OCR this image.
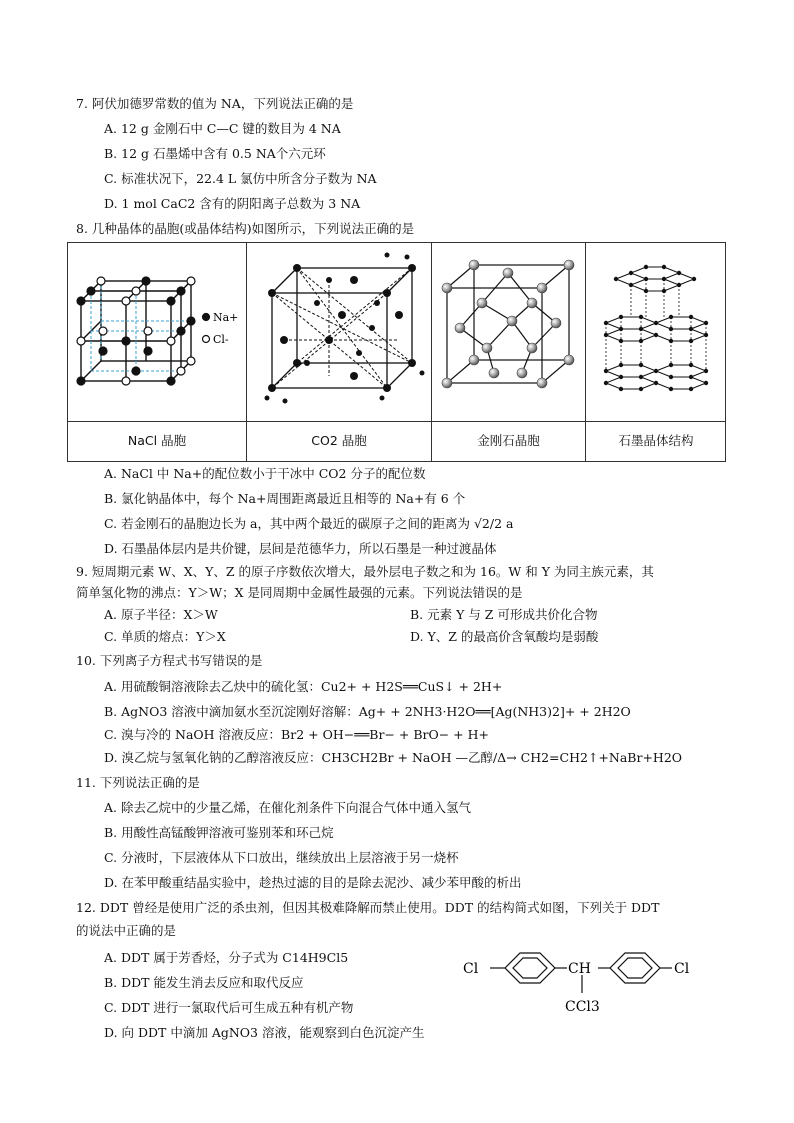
7. 阿伏加德罗常数的值为 NA，下列说法正确的是
A. 12 g 金刚石中 C—C 键的数目为 4 NA
B. 12 g 石墨烯中含有 0.5 NA个六元环
C. 标准状况下，22.4 L 氯仿中所含分子数为 NA
D. 1 mol CaC2 含有的阴阳离子总数为 3 NA
8. 几种晶体的晶胞(或晶体结构)如图所示，下列说法正确的是
Na+
Cl-
NaCl 晶胞	CO2 晶胞	金刚石晶胞	石墨晶体结构
A. NaCl 中 Na+的配位数小于干冰中 CO2 分子的配位数
B. 氯化钠晶体中，每个 Na+周围距离最近且相等的 Na+有 6 个
C. 若金刚石的晶胞边长为 a，其中两个最近的碳原子之间的距离为 √2/2 a
D. 石墨晶体层内是共价键，层间是范德华力，所以石墨是一种过渡晶体
9. 短周期元素 W、X、Y、Z 的原子序数依次增大，最外层电子数之和为 16。W 和 Y 为同主族元素，其
简单氢化物的沸点：Y＞W；X 是同周期中金属性最强的元素。下列说法错误的是
A. 原子半径：X＞W	B. 元素 Y 与 Z 可形成共价化合物
C. 单质的熔点：Y＞X	D. Y、Z 的最高价含氧酸均是弱酸
10. 下列离子方程式书写错误的是
A. 用硫酸铜溶液除去乙炔中的硫化氢：Cu2+ + H2S══CuS↓ + 2H+
B. AgNO3 溶液中滴加氨水至沉淀刚好溶解：Ag+ + 2NH3·H2O══[Ag(NH3)2]+ + 2H2O
C. 溴与冷的 NaOH 溶液反应：Br2 + OH−══Br− + BrO− + H+
D. 溴乙烷与氢氧化钠的乙醇溶液反应：CH3CH2Br + NaOH —乙醇/Δ→ CH2=CH2↑+NaBr+H2O
11. 下列说法正确的是
A. 除去乙烷中的少量乙烯，在催化剂条件下向混合气体中通入氢气
B. 用酸性高锰酸钾溶液可鉴别苯和环己烷
C. 分液时，下层液体从下口放出，继续放出上层溶液于另一烧杯
D. 在苯甲酸重结晶实验中，趁热过滤的目的是除去泥沙、减少苯甲酸的析出
12. DDT 曾经是使用广泛的杀虫剂，但因其极难降解而禁止使用。DDT 的结构简式如图，下列关于 DDT
的说法中正确的是
A. DDT 属于芳香烃，分子式为 C14H9Cl5
B. DDT 能发生消去反应和取代反应
C. DDT 进行一氯取代后可生成五种有机产物
D. 向 DDT 中滴加 AgNO3 溶液，能观察到白色沉淀产生
Cl	CH	Cl
CCl3
